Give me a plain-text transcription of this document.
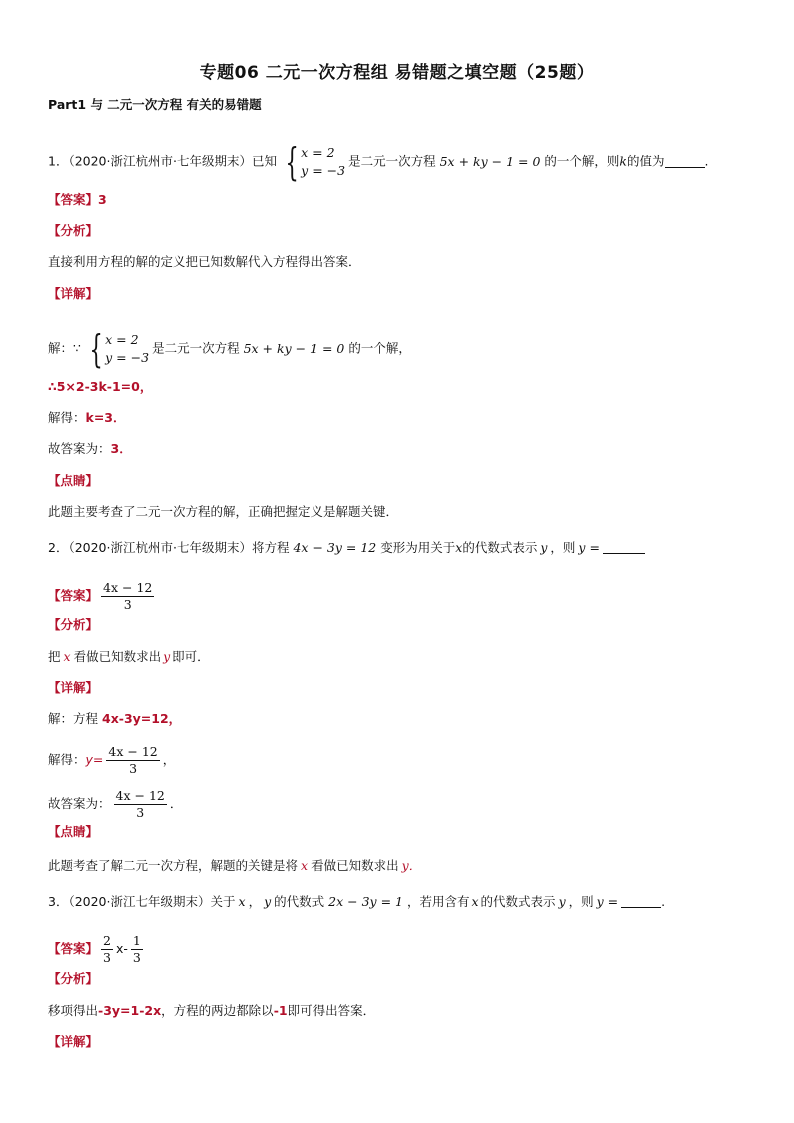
专题06 二元一次方程组 易错题之填空题（25题）
Part1 与 二元一次方程 有关的易错题
1．（2020·浙江杭州市·七年级期末）已知 { x = 2
y = −3
是二元一次方程 5x + ky − 1 = 0 的一个解，则k的值为	.
【答案】3
【分析】
直接利用方程的解的定义把已知数解代入方程得出答案．
【详解】
解：∵ { x = 2
y = −3
是二元一次方程 5x + ky − 1 = 0 的一个解，
∴5×2-3k-1=0，
解得：k=3．
故答案为：3．
【点睛】
此题主要考查了二元一次方程的解，正确把握定义是解题关键．
2．（2020·浙江杭州市·七年级期末）将方程 4x − 3y = 12 变形为用关于x的代数式表示 y ，则 y =
【答案】 $\frac{4x - 12}{3}$
【分析】
把 x 看做已知数求出 y 即可．
【详解】
解：方程 4x-3y=12，
解得：$y= \frac{4x - 12}{3}$ ，
故答案为： $\frac{4x - 12}{3}$ ．
【点睛】
此题考查了解二元一次方程，解题的关键是将 x 看做已知数求出 y．
3．（2020·浙江七年级期末）关于 x ， y 的代数式 2x − 3y = 1 ，若用含有 x 的代数式表示 y ，则 y =	.
【答案】 $\frac{2}{3} x- \frac{1}{3}$
【分析】
移项得出-3y=1-2x，方程的两边都除以-1即可得出答案．
【详解】
